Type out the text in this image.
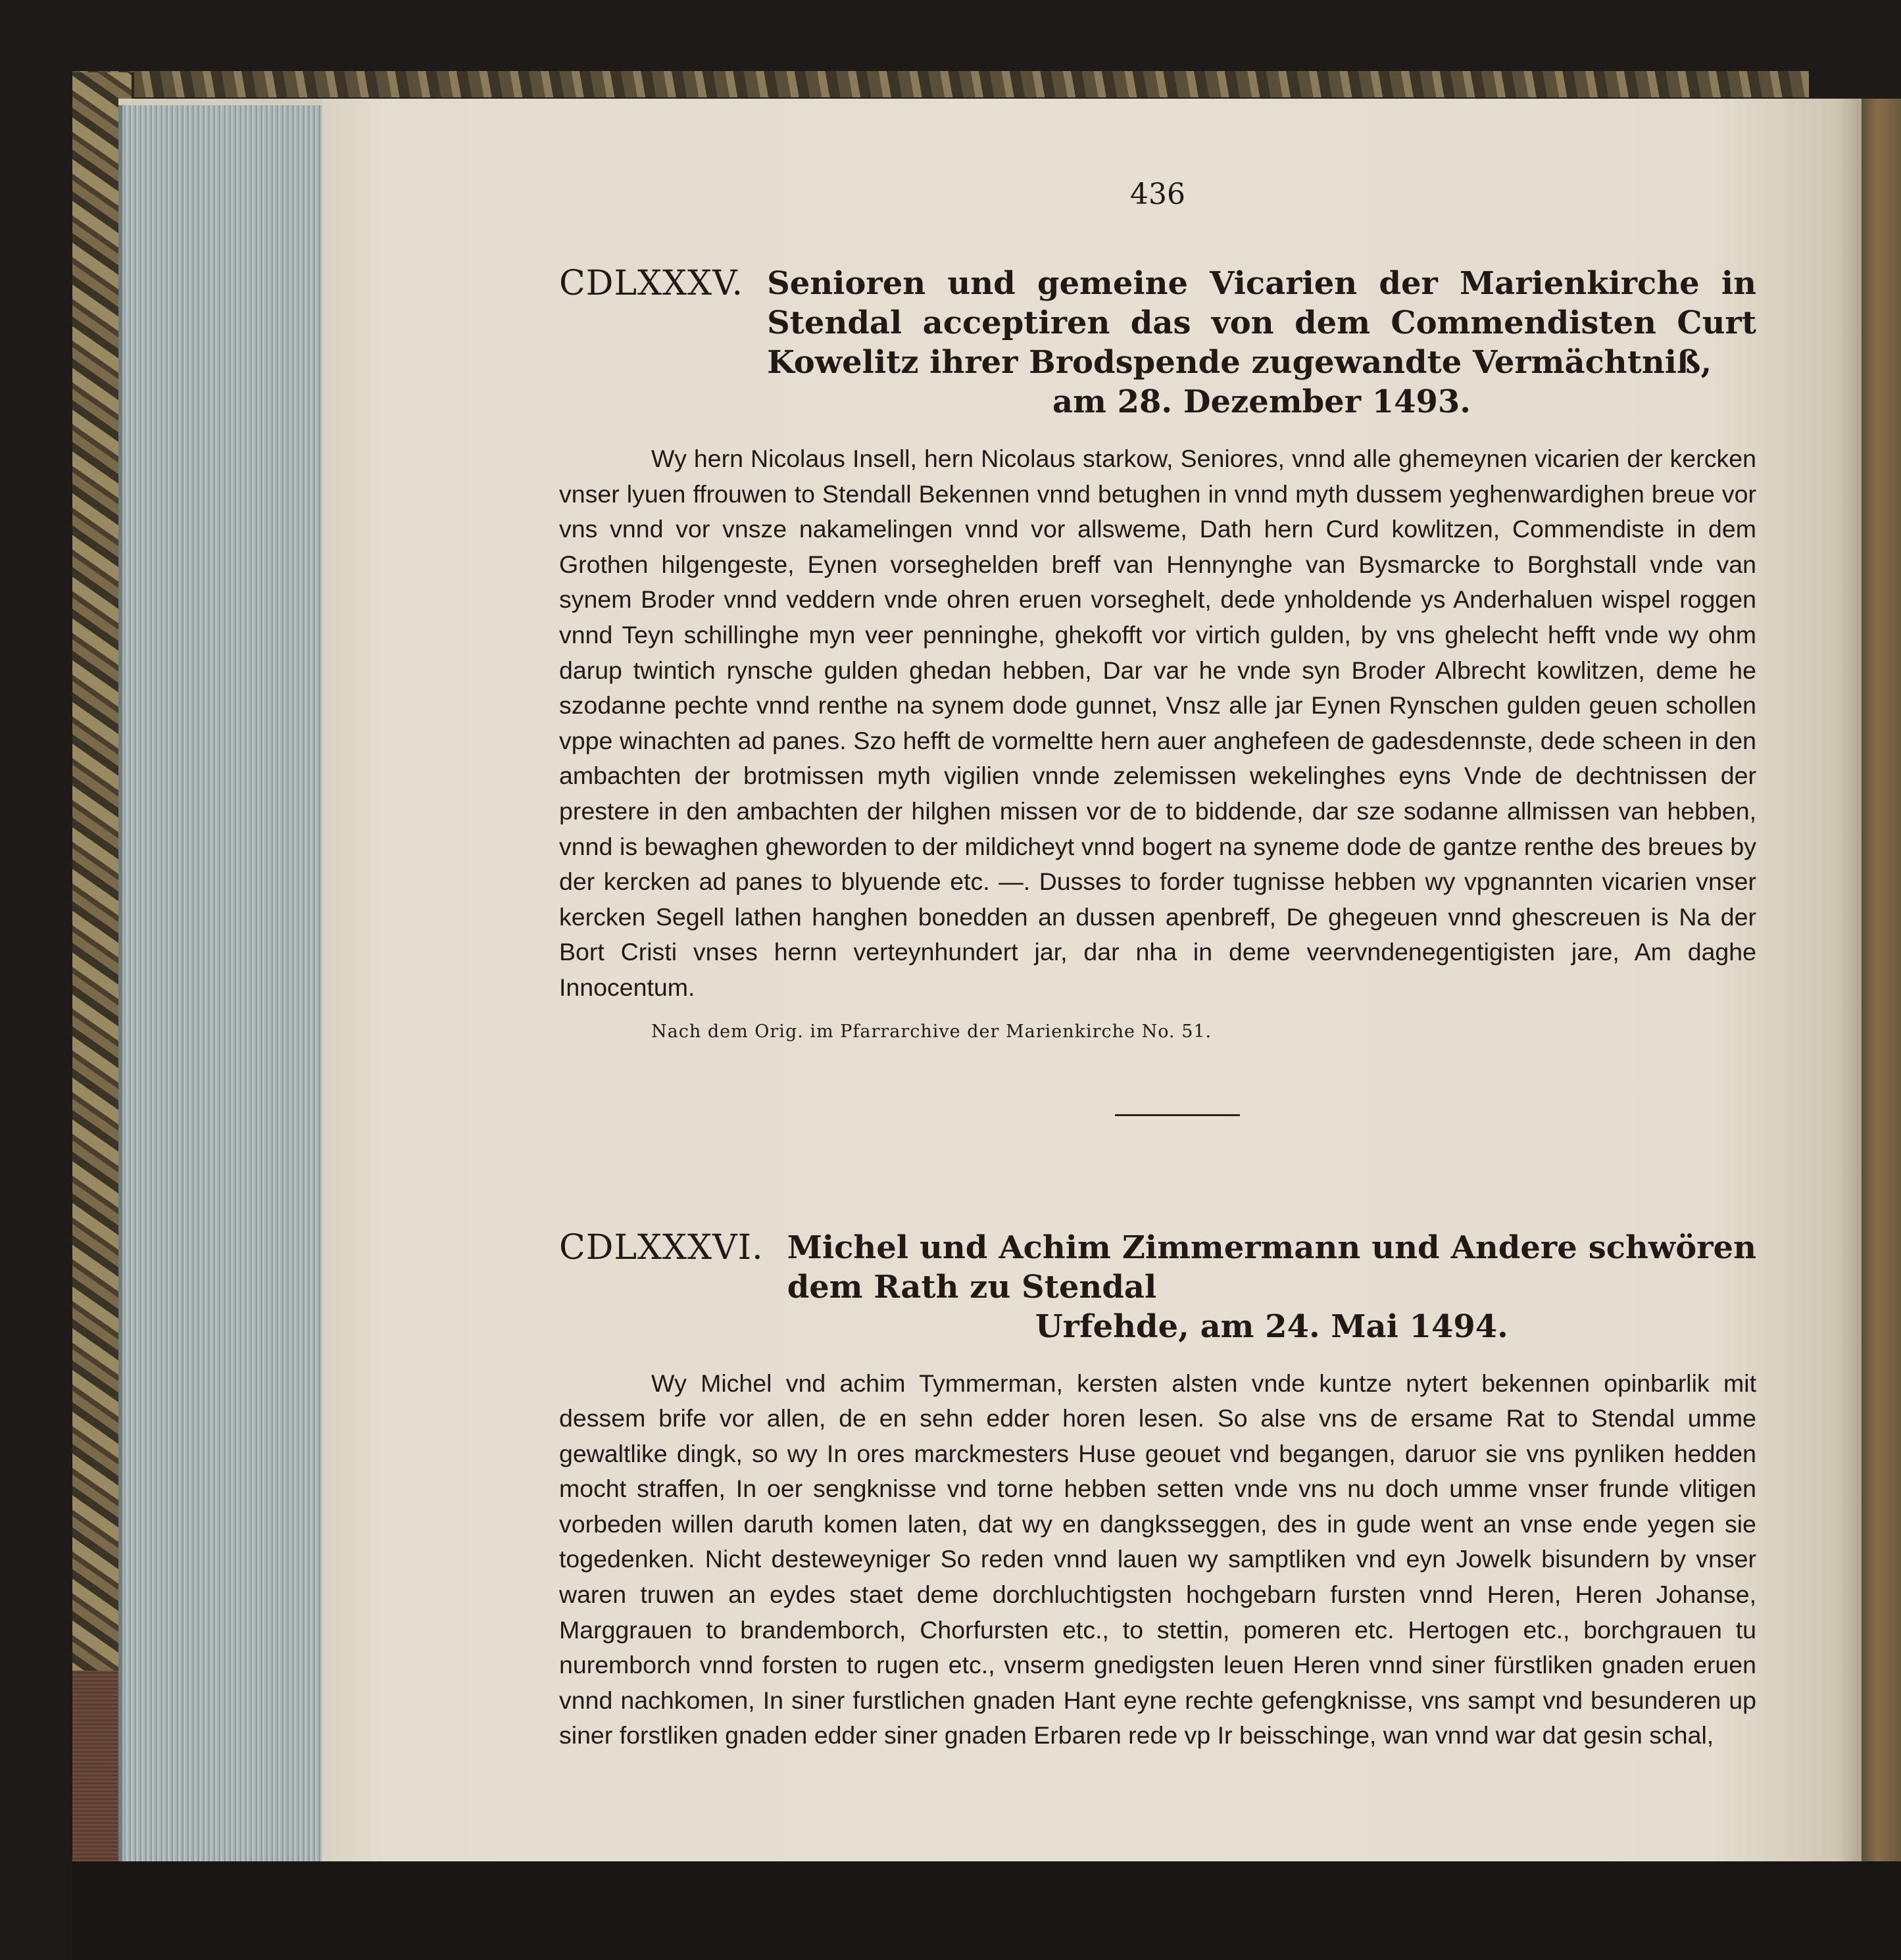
436
CDLXXXV. Senioren und gemeine Vicarien der Marienkirche in Stendal acceptiren das von dem Commendisten Curt Kowelitz ihrer Brodspende zugewandte Vermächtniß,
am 28. Dezember 1493.

Wy hern Nicolaus Insell, hern Nicolaus starkow, Seniores, vnnd alle ghemeynen vicarien der kercken vnser lyuen ffrouwen to Stendall Bekennen vnnd betughen in vnnd myth dussem yeghenwardighen breue vor vns vnnd vor vnsze nakamelingen vnnd vor allsweme, Dath hern Curd kowlitzen, Commendiste in dem Grothen hilgengeste, Eynen vorseghelden breff van Hennynghe van Bysmarcke to Borghstall vnde van synem Broder vnnd veddern vnde ohren eruen vorseghelt, dede ynholdende ys Anderhaluen wispel roggen vnnd Teyn schillinghe myn veer penninghe, ghekofft vor virtich gulden, by vns ghelecht hefft vnde wy ohm darup twintich rynsche gulden ghedan hebben, Dar var he vnde syn Broder Albrecht kowlitzen, deme he szodanne pechte vnnd renthe na synem dode gunnet, Vnsz alle jar Eynen Rynschen gulden geuen schollen vppe winachten ad panes. Szo hefft de vormeltte hern auer anghefeen de gadesdennste, dede scheen in den ambachten der brotmissen myth vigilien vnnde zelemissen wekelinghes eyns Vnde de dechtnissen der prestere in den ambachten der hilghen missen vor de to biddende, dar sze sodanne allmissen van hebben, vnnd is bewaghen gheworden to der mildicheyt vnnd bogert na syneme dode de gantze renthe des breues by der kercken ad panes to blyuende etc. —. Dusses to forder tugnisse hebben wy vpgnannten vicarien vnser kercken Segell lathen hanghen bonedden an dussen apenbreff, De ghegeuen vnnd ghescreuen is Na der Bort Cristi vnses hernn verteynhundert jar, dar nha in deme veervndenegentigisten jare, Am daghe Innocentum.

Nach dem Orig. im Pfarrarchive der Marienkirche No. 51.
CDLXXXVI. Michel und Achim Zimmermann und Andere schwören dem Rath zu Stendal
Urfehde, am 24. Mai 1494.

Wy Michel vnd achim Tymmerman, kersten alsten vnde kuntze nytert bekennen opinbarlik mit dessem brife vor allen, de en sehn edder horen lesen. So alse vns de ersame Rat to Stendal umme gewaltlike dingk, so wy In ores marckmesters Huse geouet vnd begangen, daruor sie vns pynliken hedden mocht straffen, In oer sengknisse vnd torne hebben setten vnde vns nu doch umme vnser frunde vlitigen vorbeden willen daruth komen laten, dat wy en dangksseggen, des in gude went an vnse ende yegen sie togedenken. Nicht desteweyniger So reden vnnd lauen wy samptliken vnd eyn Jowelk bisundern by vnser waren truwen an eydes staet deme dorchluchtigsten hochgebarn fursten vnnd Heren, Heren Johanse, Marggrauen to brandemborch, Chorfursten etc., to stettin, pomeren etc. Hertogen etc., borchgrauen tu nuremborch vnnd forsten to rugen etc., vnserm gnedigsten leuen Heren vnnd siner fürstliken gnaden eruen vnnd nachkomen, In siner furstlichen gnaden Hant eyne rechte gefengknisse, vns sampt vnd besunderen up siner forstliken gnaden edder siner gnaden Erbaren rede vp Ir beisschinge, wan vnnd war dat gesin schal,
